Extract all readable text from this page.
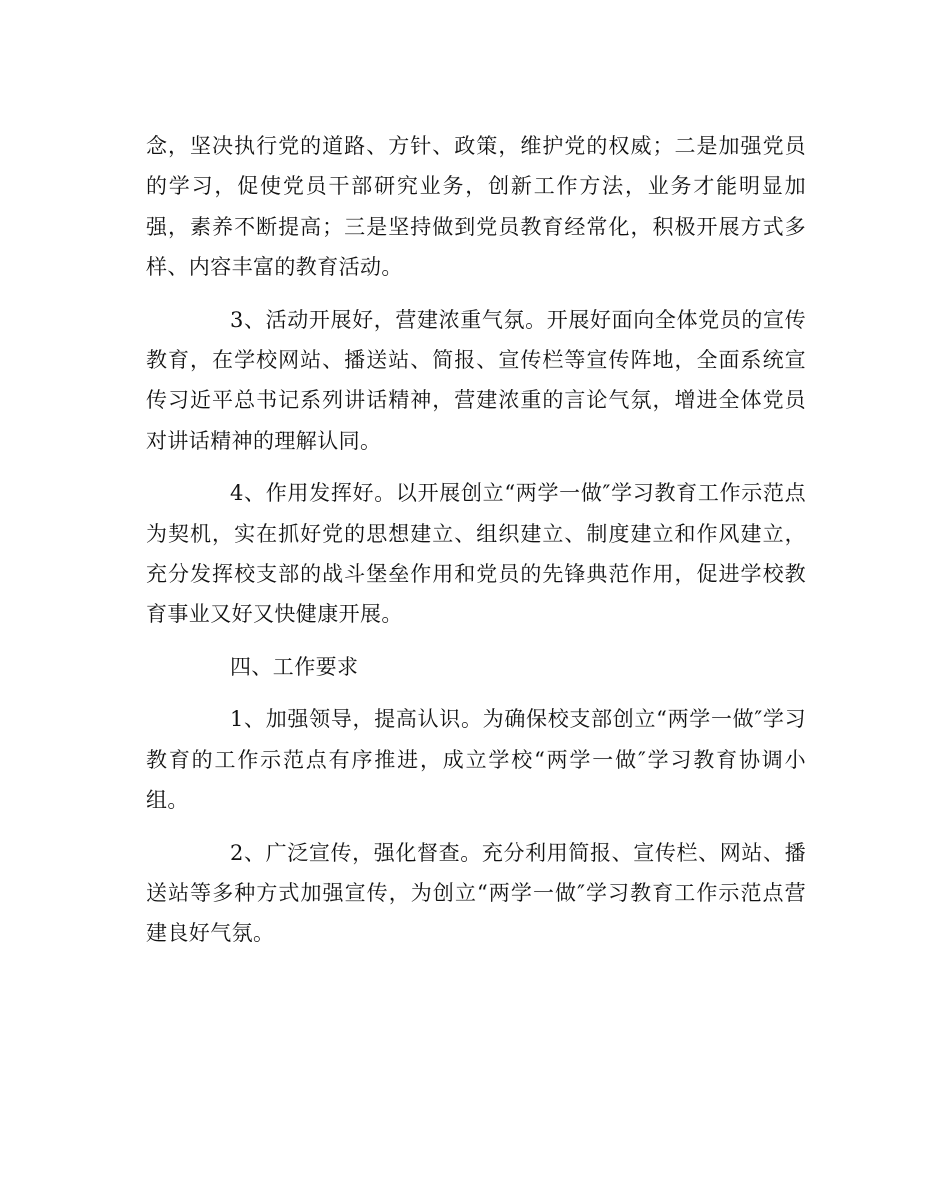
念，坚决执行党的道路、方针、政策，维护党的权威；二是加强党员的学习，促使党员干部研究业务，创新工作方法，业务才能明显加强，素养不断提高；三是坚持做到党员教育经常化，积极开展方式多样、内容丰富的教育活动。

3、活动开展好，营建浓重气氛。开展好面向全体党员的宣传教育，在学校网站、播送站、简报、宣传栏等宣传阵地，全面系统宣传习近平总书记系列讲话精神，营建浓重的言论气氛，增进全体党员对讲话精神的理解认同。

4、作用发挥好。以开展创立“两学一做″学习教育工作示范点为契机，实在抓好党的思想建立、组织建立、制度建立和作风建立，充分发挥校支部的战斗堡垒作用和党员的先锋典范作用，促进学校教育事业又好又快健康开展。

四、工作要求

1、加强领导，提高认识。为确保校支部创立“两学一做″学习教育的工作示范点有序推进，成立学校“两学一做″学习教育协调小组。

2、广泛宣传，强化督查。充分利用简报、宣传栏、网站、播送站等多种方式加强宣传，为创立“两学一做″学习教育工作示范点营建良好气氛。
